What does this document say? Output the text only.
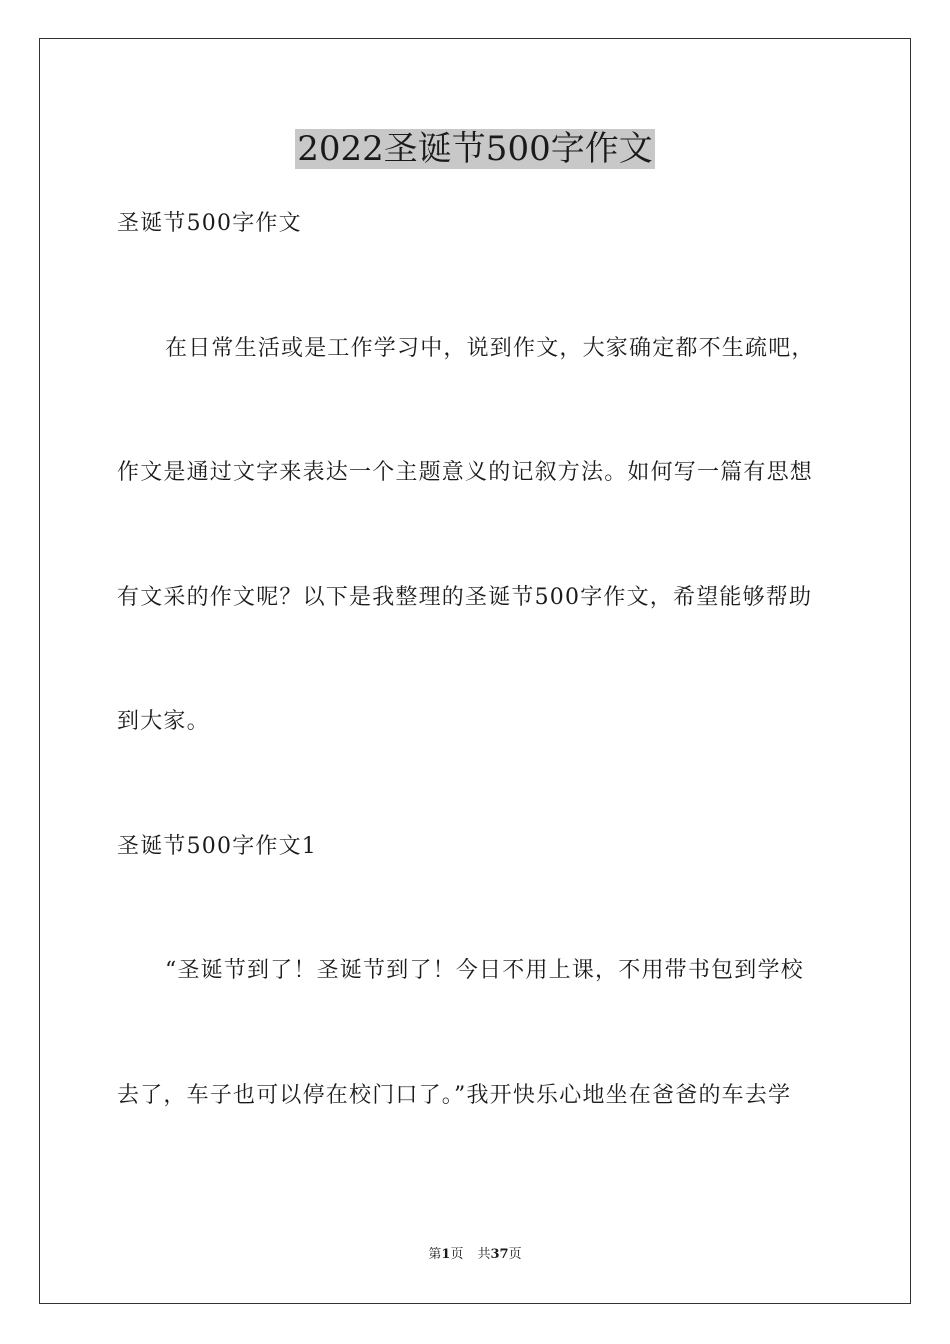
2022圣诞节500字作文

圣诞节500字作文

在日常生活或是工作学习中，说到作文，大家确定都不生疏吧，

作文是通过文字来表达一个主题意义的记叙方法。如何写一篇有思想

有文采的作文呢？以下是我整理的圣诞节500字作文，希望能够帮助

到大家。

圣诞节500字作文1

“圣诞节到了！圣诞节到了！今日不用上课，不用带书包到学校

去了，车子也可以停在校门口了。”我开快乐心地坐在爸爸的车去学

第1页 共37页
